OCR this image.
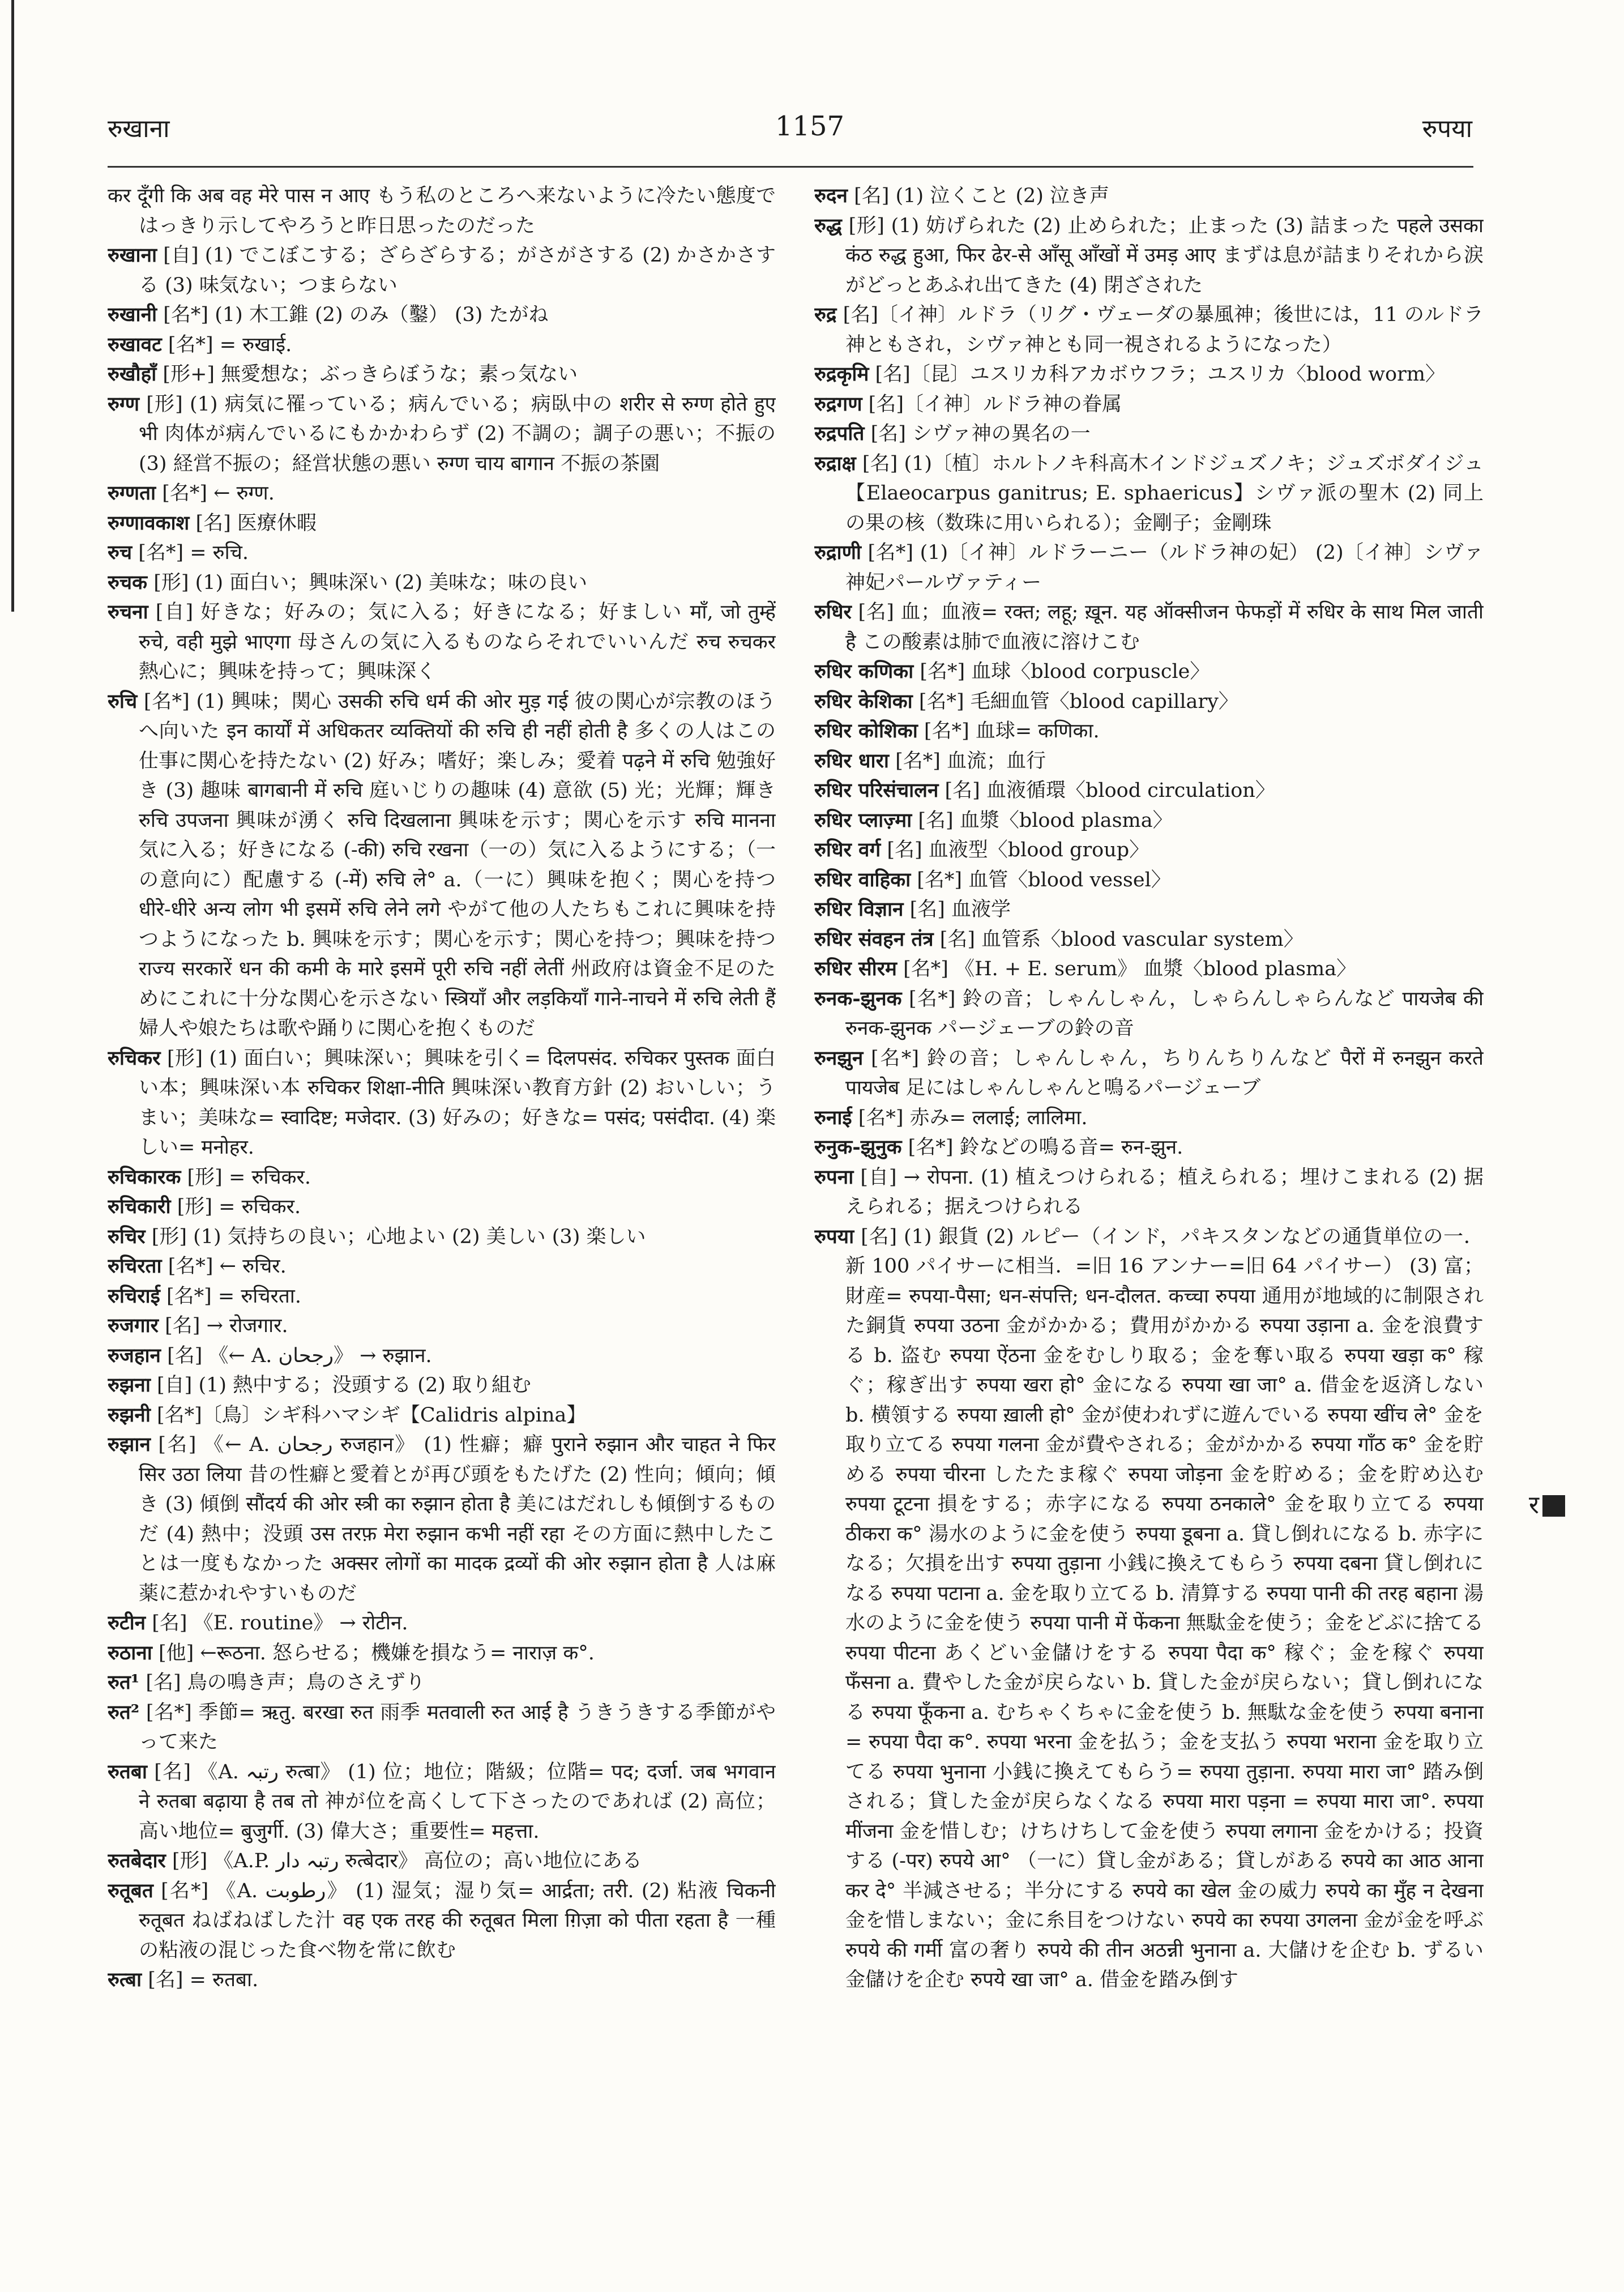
रुखाना	1157	रुपया

कर दूँगी कि अब वह मेरे पास न आए もう私のところへ来ないように冷たい態度ではっきり示してやろうと昨日思ったのだった

रुखाना [自] (1) でこぼこする；ざらざらする；がさがさする (2) かさかさする (3) 味気ない；つまらない

रुखानी [名*] (1) 木工錐 (2) のみ（鑿） (3) たがね

रुखावट [名*] = रुखाई.

रुखौहाँ [形+] 無愛想な；ぶっきらぼうな；素っ気ない

रुग्ण [形] (1) 病気に罹っている；病んでいる；病臥中の शरीर से रुग्ण होते हुए भी 肉体が病んでいるにもかかわらず (2) 不調の；調子の悪い；不振の (3) 経営不振の；経営状態の悪い रुग्ण चाय बागान 不振の茶園

रुग्णता [名*] ← रुग्ण.

रुग्णावकाश [名] 医療休暇

रुच [名*] = रुचि.

रुचक [形] (1) 面白い；興味深い (2) 美味な；味の良い

रुचना [自] 好きな；好みの；気に入る；好きになる；好ましい माँ, जो तुम्हें रुचे, वही मुझे भाएगा 母さんの気に入るものならそれでいいんだ रुच रुचकर 熱心に；興味を持って；興味深く

रुचि [名*] (1) 興味；関心 उसकी रुचि धर्म की ओर मुड़ गई 彼の関心が宗教のほうへ向いた इन कार्यों में अधिकतर व्यक्तियों की रुचि ही नहीं होती है 多くの人はこの仕事に関心を持たない (2) 好み；嗜好；楽しみ；愛着 पढ़ने में रुचि 勉強好き (3) 趣味 बागबानी में रुचि 庭いじりの趣味 (4) 意欲 (5) 光；光輝；輝き रुचि उपजना 興味が湧く रुचि दिखलाना 興味を示す；関心を示す रुचि मानना 気に入る；好きになる (-की) रुचि रखना（一の）気に入るようにする；（一の意向に）配慮する (-में) रुचि ले° a.（一に）興味を抱く；関心を持つ धीरे-धीरे अन्य लोग भी इसमें रुचि लेने लगे やがて他の人たちもこれに興味を持つようになった b. 興味を示す；関心を示す；関心を持つ；興味を持つ राज्य सरकारें धन की कमी के मारे इसमें पूरी रुचि नहीं लेतीं 州政府は資金不足のためにこれに十分な関心を示さない स्त्रियाँ और लड़कियाँ गाने-नाचने में रुचि लेती हैं 婦人や娘たちは歌や踊りに関心を抱くものだ

रुचिकर [形] (1) 面白い；興味深い；興味を引く= दिलपसंद. रुचिकर पुस्तक 面白い本；興味深い本 रुचिकर शिक्षा-नीति 興味深い教育方針 (2) おいしい；うまい；美味な= स्वादिष्ट; मजेदार. (3) 好みの；好きな= पसंद; पसंदीदा. (4) 楽しい= मनोहर.

रुचिकारक [形] = रुचिकर.

रुचिकारी [形] = रुचिकर.

रुचिर [形] (1) 気持ちの良い；心地よい (2) 美しい (3) 楽しい

रुचिरता [名*] ← रुचिर.

रुचिराई [名*] = रुचिरता.

रुजगार [名] → रोजगार.

रुजहान [名] 《← A. رجحان》 → रुझान.

रुझना [自] (1) 熱中する；没頭する (2) 取り組む

रुझनी [名*]〔鳥〕シギ科ハマシギ【Calidris alpina】

रुझान [名] 《← A. رجحان रुजहान》 (1) 性癖；癖 पुराने रुझान और चाहत ने फिर सिर उठा लिया 昔の性癖と愛着とが再び頭をもたげた (2) 性向；傾向；傾き (3) 傾倒 सौंदर्य की ओर स्त्री का रुझान होता है 美にはだれしも傾倒するものだ (4) 熱中；没頭 उस तरफ़ मेरा रुझान कभी नहीं रहा その方面に熱中したことは一度もなかった अक्सर लोगों का मादक द्रव्यों की ओर रुझान होता है 人は麻薬に惹かれやすいものだ

रुटीन [名] 《E. routine》 → रोटीन.

रुठाना [他] ←रूठना. 怒らせる；機嫌を損なう= नाराज़ क°.

रुत¹ [名] 鳥の鳴き声；鳥のさえずり

रुत² [名*] 季節= ऋतु. बरखा रुत 雨季 मतवाली रुत आई है うきうきする季節がやって来た

रुतबा [名] 《A. رتبہ रुत्बा》 (1) 位；地位；階級；位階= पद; दर्जा. जब भगवान ने रुतबा बढ़ाया है तब तो 神が位を高くして下さったのであれば (2) 高位；高い地位= बुजुर्गी. (3) 偉大さ；重要性= महत्ता.

रुतबेदार [形] 《A.P. رتبہ دار रुत्बेदार》 高位の；高い地位にある

रुतूबत [名*] 《A. رطوبت》 (1) 湿気；湿り気= आर्द्रता; तरी. (2) 粘液 चिकनी रुतूबत ねばねばした汁 वह एक तरह की रुतूबत मिला ग़िज़ा को पीता रहता है 一種の粘液の混じった食べ物を常に飲む

रुत्बा [名] = रुतबा.

रुदन [名] (1) 泣くこと (2) 泣き声

रुद्ध [形] (1) 妨げられた (2) 止められた；止まった (3) 詰まった पहले उसका कंठ रुद्ध हुआ, फिर ढेर-से आँसू आँखों में उमड़ आए まずは息が詰まりそれから涙がどっとあふれ出てきた (4) 閉ざされた

रुद्र [名]〔イ神〕ルドラ（リグ・ヴェーダの暴風神；後世には，11 のルドラ神ともされ，シヴァ神とも同一視されるようになった）

रुद्रकृमि [名]〔昆〕ユスリカ科アカボウフラ；ユスリカ〈blood worm〉

रुद्रगण [名]〔イ神〕ルドラ神の眷属

रुद्रपति [名] シヴァ神の異名の一

रुद्राक्ष [名] (1)〔植〕ホルトノキ科高木インドジュズノキ；ジュズボダイジュ【Elaeocarpus ganitrus; E. sphaericus】シヴァ派の聖木 (2) 同上の果の核（数珠に用いられる）；金剛子；金剛珠

रुद्राणी [名*] (1)〔イ神〕ルドラーニー（ルドラ神の妃） (2)〔イ神〕シヴァ神妃パールヴァティー

रुधिर [名] 血；血液= रक्त; लहू; ख़ून. यह ऑक्सीजन फेफड़ों में रुधिर के साथ मिल जाती है この酸素は肺で血液に溶けこむ

रुधिर कणिका [名*] 血球〈blood corpuscle〉

रुधिर केशिका [名*] 毛細血管〈blood capillary〉

रुधिर कोशिका [名*] 血球= कणिका.

रुधिर धारा [名*] 血流；血行

रुधिर परिसंचालन [名] 血液循環〈blood circulation〉

रुधिर प्लाज़्मा [名] 血漿〈blood plasma〉

रुधिर वर्ग [名] 血液型〈blood group〉

रुधिर वाहिका [名*] 血管〈blood vessel〉

रुधिर विज्ञान [名] 血液学

रुधिर संवहन तंत्र [名] 血管系〈blood vascular system〉

रुधिर सीरम [名*] 《H. + E. serum》 血漿〈blood plasma〉

रुनक-झुनक [名*] 鈴の音；しゃんしゃん，しゃらんしゃらんなど पायजेब की रुनक-झुनक パージェーブの鈴の音

रुनझुन [名*] 鈴の音；しゃんしゃん，ちりんちりんなど पैरों में रुनझुन करते पायजेब 足にはしゃんしゃんと鳴るパージェーブ

रुनाई [名*] 赤み= ललाई; लालिमा.

रुनुक-झुनुक [名*] 鈴などの鳴る音= रुन-झुन.

रुपना [自] → रोपना. (1) 植えつけられる；植えられる；埋けこまれる (2) 据えられる；据えつけられる

रुपया [名] (1) 銀貨 (2) ルピー（インド，パキスタンなどの通貨単位の一．新 100 パイサーに相当．=旧 16 アンナー=旧 64 パイサー） (3) 富；財産= रुपया-पैसा; धन-संपत्ति; धन-दौलत. कच्चा रुपया 通用が地域的に制限された銅貨 रुपया उठना 金がかかる；費用がかかる रुपया उड़ाना a. 金を浪費する b. 盗む रुपया ऐंठना 金をむしり取る；金を奪い取る रुपया खड़ा क° 稼ぐ；稼ぎ出す रुपया खरा हो° 金になる रुपया खा जा° a. 借金を返済しない b. 横領する रुपया ख़ाली हो° 金が使われずに遊んでいる रुपया खींच ले° 金を取り立てる रुपया गलना 金が費やされる；金がかかる रुपया गाँठ क° 金を貯める रुपया चीरना したたま稼ぐ रुपया जोड़ना 金を貯める；金を貯め込む रुपया टूटना 損をする；赤字になる रुपया ठनकाले° 金を取り立てる रुपया ठीकरा क° 湯水のように金を使う रुपया डूबना a. 貸し倒れになる b. 赤字になる；欠損を出す रुपया तुड़ाना 小銭に換えてもらう रुपया दबना 貸し倒れになる रुपया पटाना a. 金を取り立てる b. 清算する रुपया पानी की तरह बहाना 湯水のように金を使う रुपया पानी में फेंकना 無駄金を使う；金をどぶに捨てる रुपया पीटना あくどい金儲けをする रुपया पैदा क° 稼ぐ；金を稼ぐ रुपया फँसना a. 費やした金が戻らない b. 貸した金が戻らない；貸し倒れになる रुपया फूँकना a. むちゃくちゃに金を使う b. 無駄な金を使う रुपया बनाना = रुपया पैदा क°. रुपया भरना 金を払う；金を支払う रुपया भराना 金を取り立てる रुपया भुनाना 小銭に換えてもらう= रुपया तुड़ाना. रुपया मारा जा° 踏み倒される；貸した金が戻らなくなる रुपया मारा पड़ना = रुपया मारा जा°. रुपया मींजना 金を惜しむ；けちけちして金を使う रुपया लगाना 金をかける；投資する (-पर) रुपये आ° （一に）貸し金がある；貸しがある रुपये का आठ आना कर दे° 半減させる；半分にする रुपये का खेल 金の威力 रुपये का मुँह न देखना 金を惜しまない；金に糸目をつけない रुपये का रुपया उगलना 金が金を呼ぶ रुपये की गर्मी 富の奢り रुपये की तीन अठन्नी भुनाना a. 大儲けを企む b. ずるい金儲けを企む रुपये खा जा° a. 借金を踏み倒す

र
